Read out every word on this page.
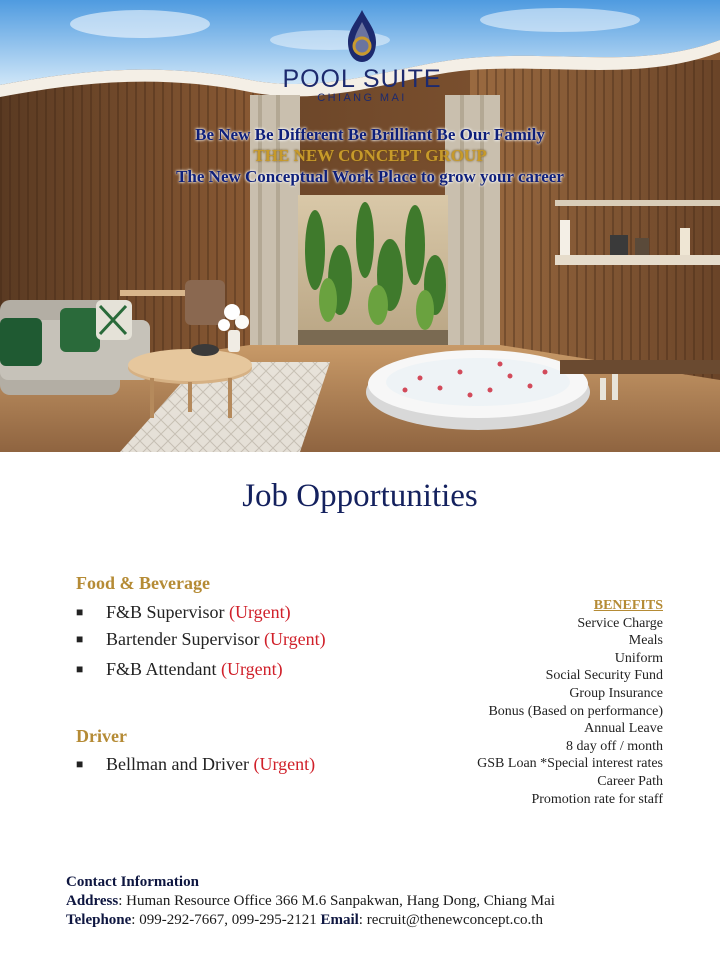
POOL SUITE
CHIANG MAI
Be New Be Different Be Brilliant Be Our Family
THE NEW CONCEPT GROUP
The New Conceptual Work Place to grow your career
Job Opportunities
Food & Beverage
■ F&B Supervisor (Urgent)
■ Bartender Supervisor (Urgent)
■ F&B Attendant (Urgent)
Driver
■ Bellman and Driver (Urgent)
BENEFITS
Service Charge
Meals
Uniform
Social Security Fund
Group Insurance
Bonus (Based on performance)
Annual Leave
8 day off / month
GSB Loan *Special interest rates
Career Path
Promotion rate for staff
Contact Information
Address: Human Resource Office 366 M.6 Sanpakwan, Hang Dong, Chiang Mai
Telephone: 099-292-7667, 099-295-2121 Email: recruit@thenewconcept.co.th
